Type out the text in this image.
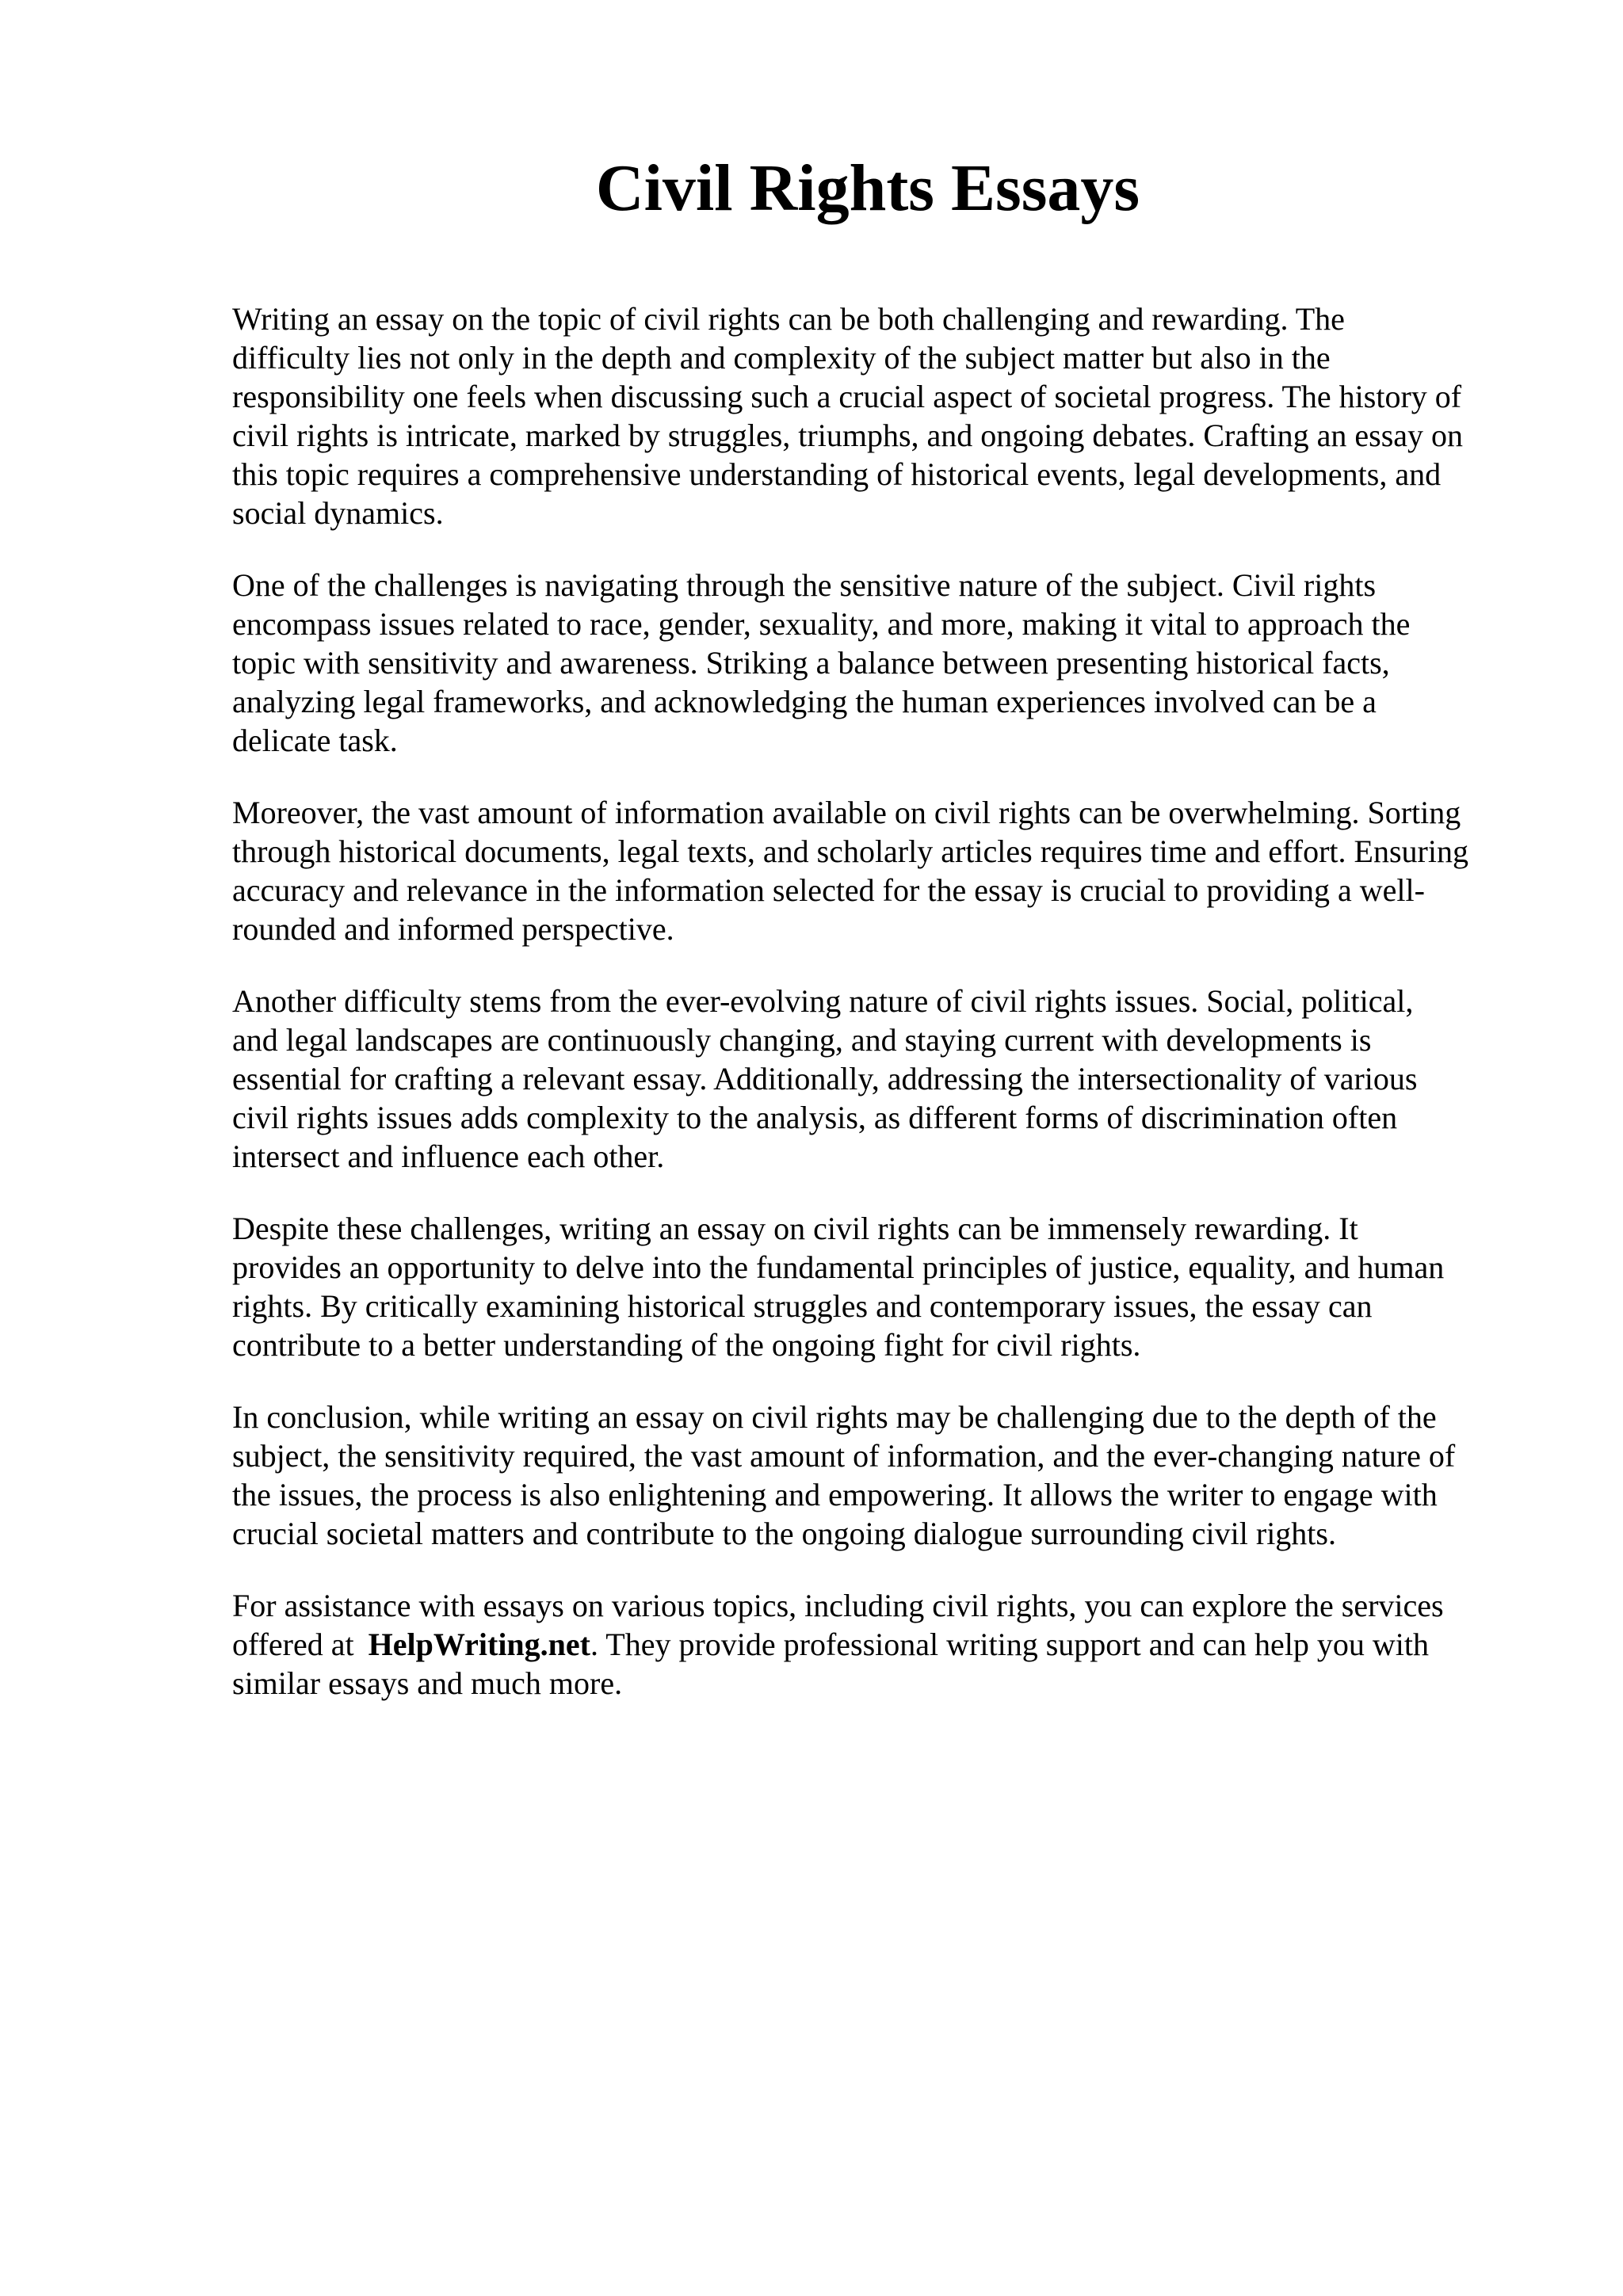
Civil Rights Essays

Writing an essay on the topic of civil rights can be both challenging and rewarding. The
difficulty lies not only in the depth and complexity of the subject matter but also in the
responsibility one feels when discussing such a crucial aspect of societal progress. The history of
civil rights is intricate, marked by struggles, triumphs, and ongoing debates. Crafting an essay on
this topic requires a comprehensive understanding of historical events, legal developments, and
social dynamics.

One of the challenges is navigating through the sensitive nature of the subject. Civil rights
encompass issues related to race, gender, sexuality, and more, making it vital to approach the
topic with sensitivity and awareness. Striking a balance between presenting historical facts,
analyzing legal frameworks, and acknowledging the human experiences involved can be a
delicate task.

Moreover, the vast amount of information available on civil rights can be overwhelming. Sorting
through historical documents, legal texts, and scholarly articles requires time and effort. Ensuring
accuracy and relevance in the information selected for the essay is crucial to providing a well-
rounded and informed perspective.

Another difficulty stems from the ever-evolving nature of civil rights issues. Social, political,
and legal landscapes are continuously changing, and staying current with developments is
essential for crafting a relevant essay. Additionally, addressing the intersectionality of various
civil rights issues adds complexity to the analysis, as different forms of discrimination often
intersect and influence each other.

Despite these challenges, writing an essay on civil rights can be immensely rewarding. It
provides an opportunity to delve into the fundamental principles of justice, equality, and human
rights. By critically examining historical struggles and contemporary issues, the essay can
contribute to a better understanding of the ongoing fight for civil rights.

In conclusion, while writing an essay on civil rights may be challenging due to the depth of the
subject, the sensitivity required, the vast amount of information, and the ever-changing nature of
the issues, the process is also enlightening and empowering. It allows the writer to engage with
crucial societal matters and contribute to the ongoing dialogue surrounding civil rights.

For assistance with essays on various topics, including civil rights, you can explore the services
offered at HelpWriting.net. They provide professional writing support and can help you with
similar essays and much more.
